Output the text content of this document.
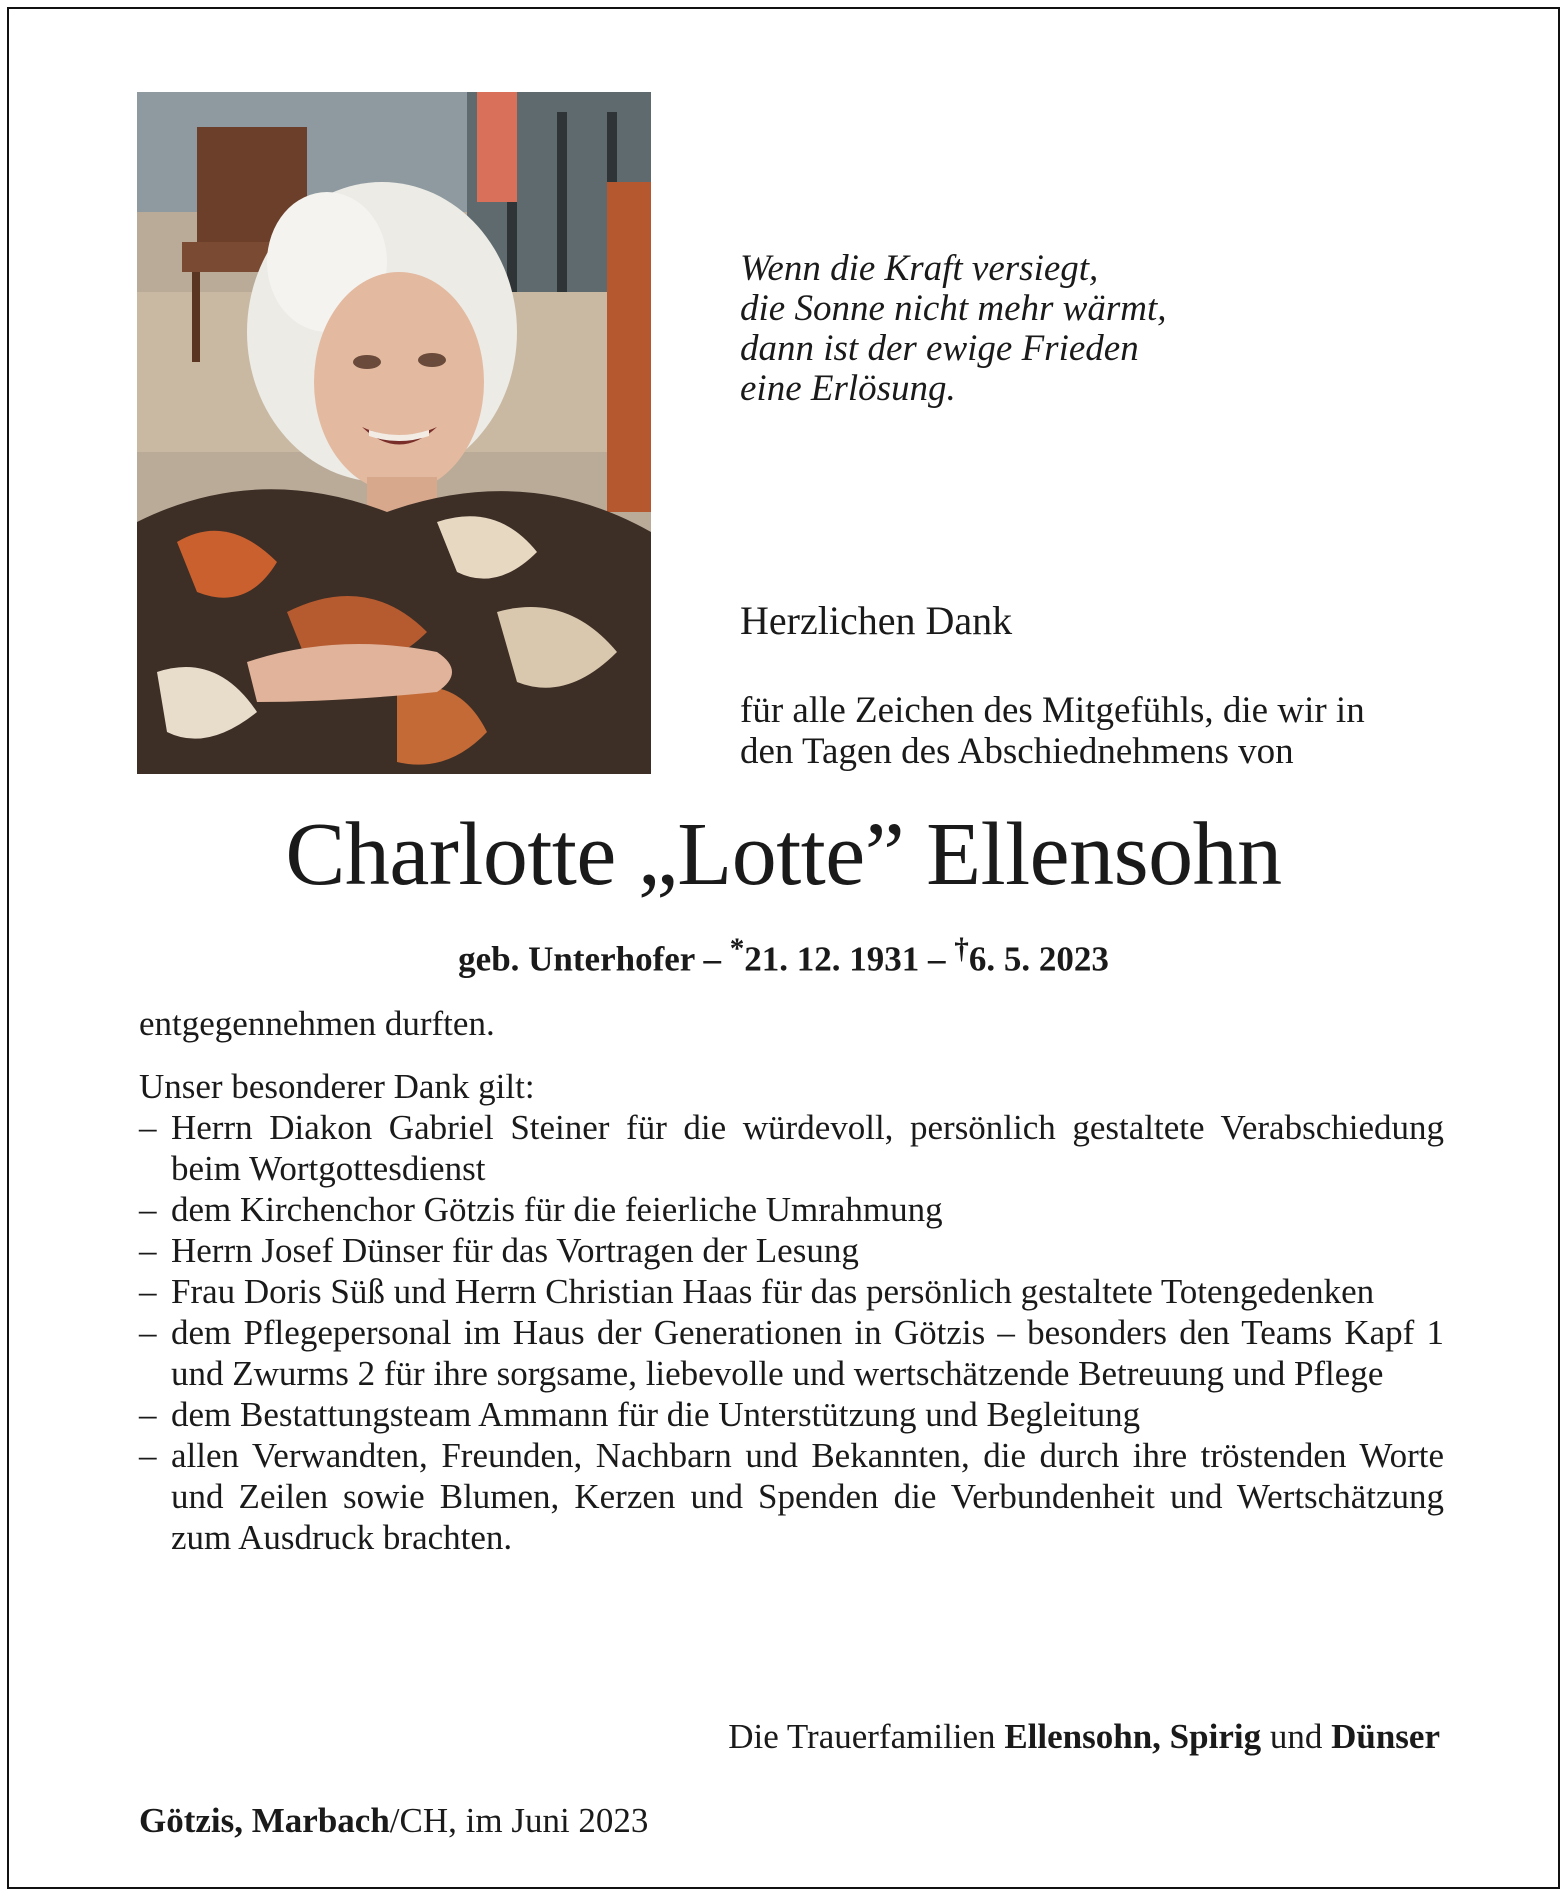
Wenn die Kraft versiegt,
die Sonne nicht mehr wärmt,
dann ist der ewige Frieden
eine Erlösung.
Herzlichen Dank
für alle Zeichen des Mitgefühls, die wir in
den Tagen des Abschiednehmens von
Charlotte „Lotte” Ellensohn
geb. Unterhofer – *21. 12. 1931 – †6. 5. 2023

entgegennehmen durften.

Unser besonderer Dank gilt:

– Herrn Diakon Gabriel Steiner für die würdevoll, persönlich gestaltete Verabschiedung beim Wortgottesdienst
– dem Kirchenchor Götzis für die feierliche Umrahmung
– Herrn Josef Dünser für das Vortragen der Lesung
– Frau Doris Süß und Herrn Christian Haas für das persönlich gestaltete Totengedenken
– dem Pflegepersonal im Haus der Generationen in Götzis – besonders den Teams Kapf 1 und Zwurms 2 für ihre sorgsame, liebevolle und wertschätzende Betreuung und Pflege
– dem Bestattungsteam Ammann für die Unterstützung und Begleitung
– allen Verwandten, Freunden, Nachbarn und Bekannten, die durch ihre tröstenden Worte und Zeilen sowie Blumen, Kerzen und Spenden die Verbundenheit und Wertschätzung zum Ausdruck brachten.
Die Trauerfamilien Ellensohn, Spirig und Dünser
Götzis, Marbach/CH, im Juni 2023
